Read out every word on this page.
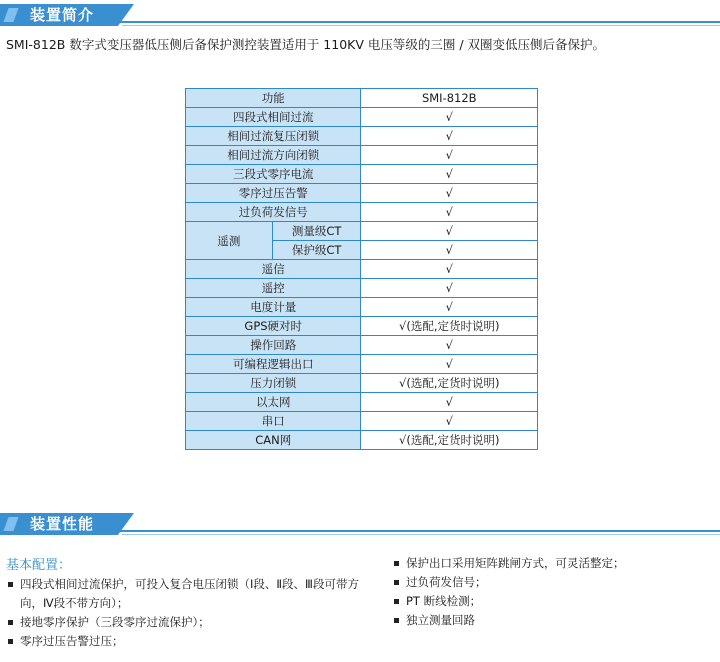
装置简介
SMI-812B 数字式变压器低压侧后备保护测控装置适用于 110KV 电压等级的三圈 / 双圈变低压侧后备保护。
功能		SMI-812B
四段式相间过流		√
相间过流复压闭锁		√
相间过流方向闭锁		√
三段式零序电流		√
零序过压告警		√
过负荷发信号		√
遥测	测量级CT	√
	保护级CT	√
遥信		√
遥控		√
电度计量		√
GPS硬对时		√(选配,定货时说明)
操作回路		√
可编程逻辑出口		√
压力闭锁		√(选配,定货时说明)
以太网		√
串口		√
CAN网		√(选配,定货时说明)
装置性能
基本配置：
四段式相间过流保护，可投入复合电压闭锁（Ⅰ段、Ⅱ段、Ⅲ段可带方向，Ⅳ段不带方向）；
接地零序保护（三段零序过流保护）；
零序过压告警过压；
保护出口采用矩阵跳闸方式，可灵活整定；
过负荷发信号；
PT 断线检测；
独立测量回路
